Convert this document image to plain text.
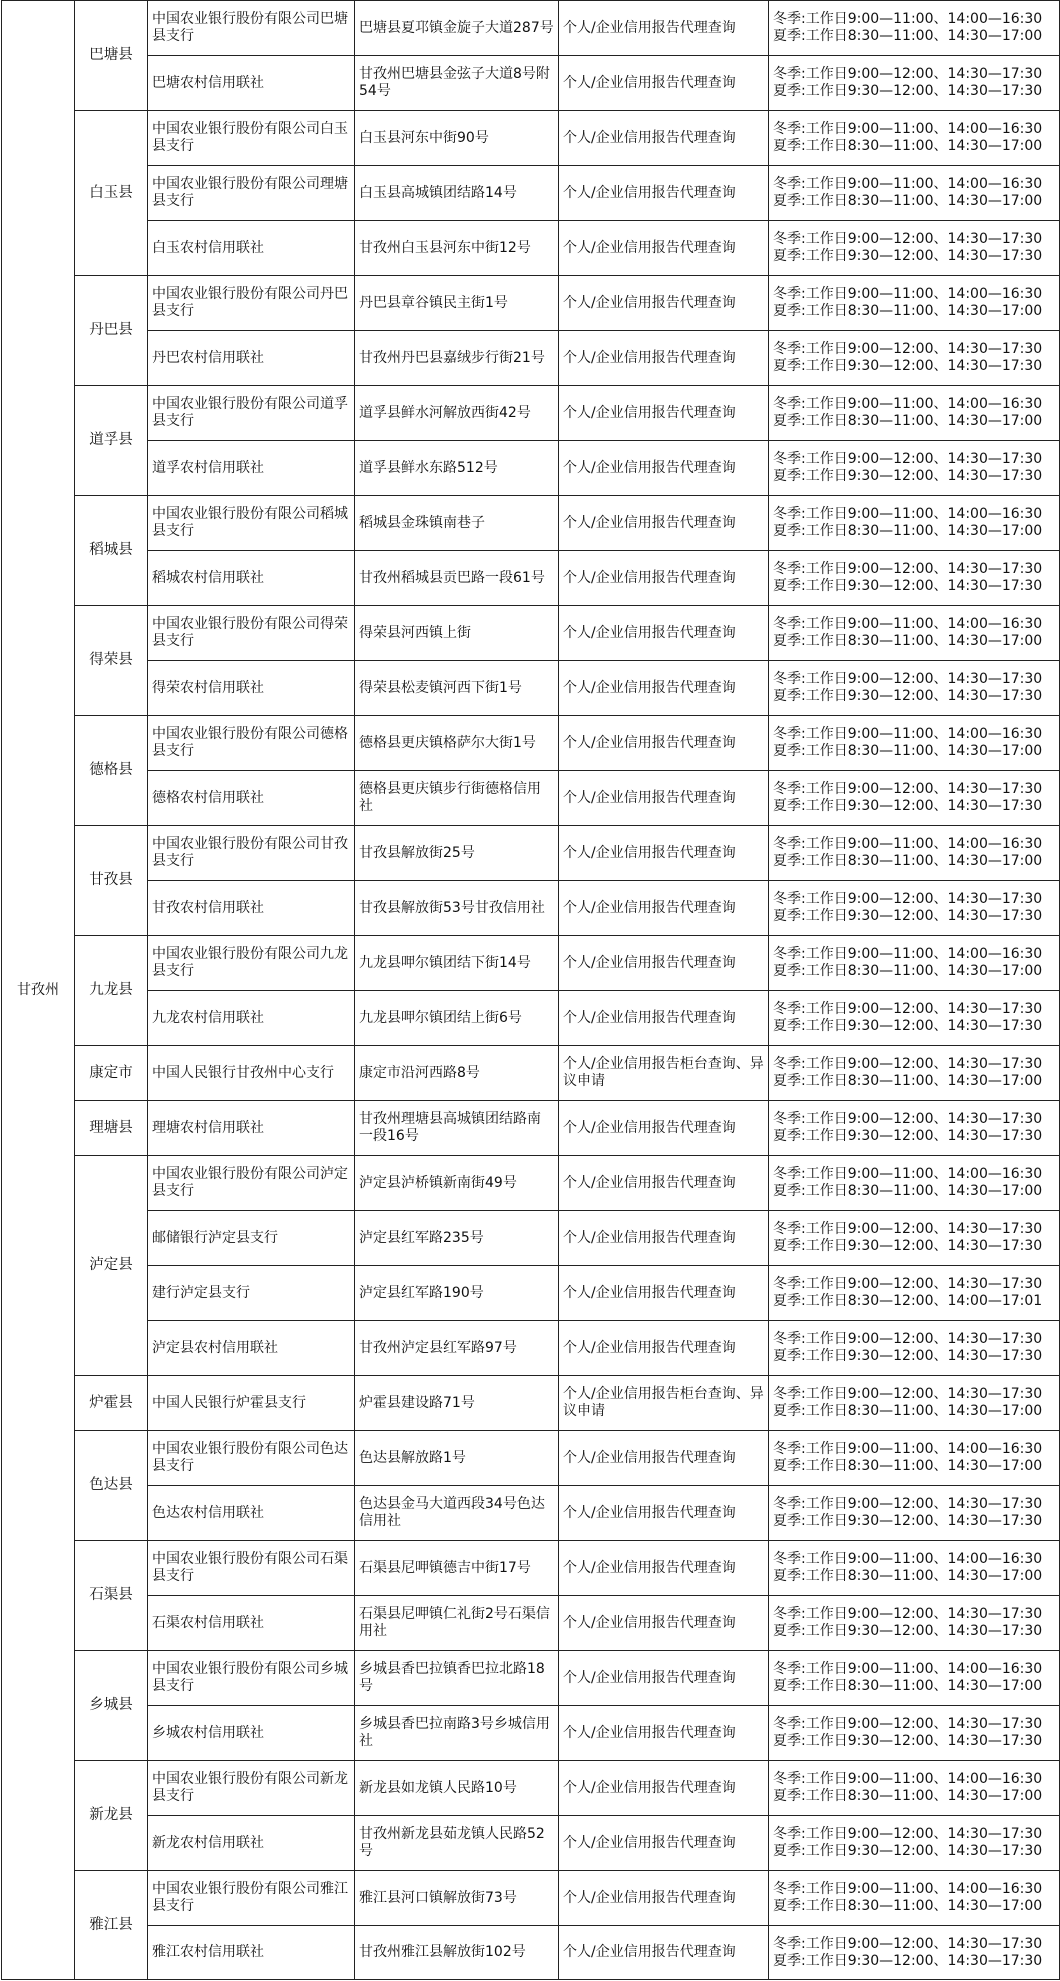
甘孜州	巴塘县	中国农业银行股份有限公司巴塘县支行	巴塘县夏邛镇金旋子大道287号	个人/企业信用报告代理查询	冬季:工作日9:00—11:00、14:00—16:30
夏季:工作日8:30—11:00、14:30—17:00

		巴塘农村信用联社	甘孜州巴塘县金弦子大道8号附54号	个人/企业信用报告代理查询	冬季:工作日9:00—12:00、14:30—17:30
夏季:工作日9:30—12:00、14:30—17:30

	白玉县	中国农业银行股份有限公司白玉县支行	白玉县河东中街90号	个人/企业信用报告代理查询	冬季:工作日9:00—11:00、14:00—16:30
夏季:工作日8:30—11:00、14:30—17:00

		中国农业银行股份有限公司理塘县支行	白玉县高城镇团结路14号	个人/企业信用报告代理查询	冬季:工作日9:00—11:00、14:00—16:30
夏季:工作日8:30—11:00、14:30—17:00

		白玉农村信用联社	甘孜州白玉县河东中街12号	个人/企业信用报告代理查询	冬季:工作日9:00—12:00、14:30—17:30
夏季:工作日9:30—12:00、14:30—17:30

	丹巴县	中国农业银行股份有限公司丹巴县支行	丹巴县章谷镇民主街1号	个人/企业信用报告代理查询	冬季:工作日9:00—11:00、14:00—16:30
夏季:工作日8:30—11:00、14:30—17:00

		丹巴农村信用联社	甘孜州丹巴县嘉绒步行街21号	个人/企业信用报告代理查询	冬季:工作日9:00—12:00、14:30—17:30
夏季:工作日9:30—12:00、14:30—17:30

	道孚县	中国农业银行股份有限公司道孚县支行	道孚县鲜水河解放西街42号	个人/企业信用报告代理查询	冬季:工作日9:00—11:00、14:00—16:30
夏季:工作日8:30—11:00、14:30—17:00

		道孚农村信用联社	道孚县鲜水东路512号	个人/企业信用报告代理查询	冬季:工作日9:00—12:00、14:30—17:30
夏季:工作日9:30—12:00、14:30—17:30

	稻城县	中国农业银行股份有限公司稻城县支行	稻城县金珠镇南巷子	个人/企业信用报告代理查询	冬季:工作日9:00—11:00、14:00—16:30
夏季:工作日8:30—11:00、14:30—17:00

		稻城农村信用联社	甘孜州稻城县贡巴路一段61号	个人/企业信用报告代理查询	冬季:工作日9:00—12:00、14:30—17:30
夏季:工作日9:30—12:00、14:30—17:30

	得荣县	中国农业银行股份有限公司得荣县支行	得荣县河西镇上街	个人/企业信用报告代理查询	冬季:工作日9:00—11:00、14:00—16:30
夏季:工作日8:30—11:00、14:30—17:00

		得荣农村信用联社	得荣县松麦镇河西下街1号	个人/企业信用报告代理查询	冬季:工作日9:00—12:00、14:30—17:30
夏季:工作日9:30—12:00、14:30—17:30

	德格县	中国农业银行股份有限公司德格县支行	德格县更庆镇格萨尔大街1号	个人/企业信用报告代理查询	冬季:工作日9:00—11:00、14:00—16:30
夏季:工作日8:30—11:00、14:30—17:00

		德格农村信用联社	德格县更庆镇步行街德格信用社	个人/企业信用报告代理查询	冬季:工作日9:00—12:00、14:30—17:30
夏季:工作日9:30—12:00、14:30—17:30

	甘孜县	中国农业银行股份有限公司甘孜县支行	甘孜县解放街25号	个人/企业信用报告代理查询	冬季:工作日9:00—11:00、14:00—16:30
夏季:工作日8:30—11:00、14:30—17:00

		甘孜农村信用联社	甘孜县解放街53号甘孜信用社	个人/企业信用报告代理查询	冬季:工作日9:00—12:00、14:30—17:30
夏季:工作日9:30—12:00、14:30—17:30

	九龙县	中国农业银行股份有限公司九龙县支行	九龙县呷尔镇团结下街14号	个人/企业信用报告代理查询	冬季:工作日9:00—11:00、14:00—16:30
夏季:工作日8:30—11:00、14:30—17:00

		九龙农村信用联社	九龙县呷尔镇团结上街6号	个人/企业信用报告代理查询	冬季:工作日9:00—12:00、14:30—17:30
夏季:工作日9:30—12:00、14:30—17:30

	康定市	中国人民银行甘孜州中心支行	康定市沿河西路8号	个人/企业信用报告柜台查询、异议申请	冬季:工作日9:00—12:00、14:30—17:30
夏季:工作日8:30—11:00、14:30—17:00

	理塘县	理塘农村信用联社	甘孜州理塘县高城镇团结路南一段16号	个人/企业信用报告代理查询	冬季:工作日9:00—12:00、14:30—17:30
夏季:工作日9:30—12:00、14:30—17:30

	泸定县	中国农业银行股份有限公司泸定县支行	泸定县泸桥镇新南街49号	个人/企业信用报告代理查询	冬季:工作日9:00—11:00、14:00—16:30
夏季:工作日8:30—11:00、14:30—17:00

		邮储银行泸定县支行	泸定县红军路235号	个人/企业信用报告代理查询	冬季:工作日9:00—12:00、14:30—17:30
夏季:工作日9:30—12:00、14:30—17:30

		建行泸定县支行	泸定县红军路190号	个人/企业信用报告代理查询	冬季:工作日9:00—12:00、14:30—17:30
夏季:工作日8:30—12:00、14:00—17:01

		泸定县农村信用联社	甘孜州泸定县红军路97号	个人/企业信用报告代理查询	冬季:工作日9:00—12:00、14:30—17:30
夏季:工作日9:30—12:00、14:30—17:30

	炉霍县	中国人民银行炉霍县支行	炉霍县建设路71号	个人/企业信用报告柜台查询、异议申请	冬季:工作日9:00—12:00、14:30—17:30
夏季:工作日8:30—11:00、14:30—17:00

	色达县	中国农业银行股份有限公司色达县支行	色达县解放路1号	个人/企业信用报告代理查询	冬季:工作日9:00—11:00、14:00—16:30
夏季:工作日8:30—11:00、14:30—17:00

		色达农村信用联社	色达县金马大道西段34号色达信用社	个人/企业信用报告代理查询	冬季:工作日9:00—12:00、14:30—17:30
夏季:工作日9:30—12:00、14:30—17:30

	石渠县	中国农业银行股份有限公司石渠县支行	石渠县尼呷镇德吉中街17号	个人/企业信用报告代理查询	冬季:工作日9:00—11:00、14:00—16:30
夏季:工作日8:30—11:00、14:30—17:00

		石渠农村信用联社	石渠县尼呷镇仁礼街2号石渠信用社	个人/企业信用报告代理查询	冬季:工作日9:00—12:00、14:30—17:30
夏季:工作日9:30—12:00、14:30—17:30

	乡城县	中国农业银行股份有限公司乡城县支行	乡城县香巴拉镇香巴拉北路18号	个人/企业信用报告代理查询	冬季:工作日9:00—11:00、14:00—16:30
夏季:工作日8:30—11:00、14:30—17:00

		乡城农村信用联社	乡城县香巴拉南路3号乡城信用社	个人/企业信用报告代理查询	冬季:工作日9:00—12:00、14:30—17:30
夏季:工作日9:30—12:00、14:30—17:30

	新龙县	中国农业银行股份有限公司新龙县支行	新龙县如龙镇人民路10号	个人/企业信用报告代理查询	冬季:工作日9:00—11:00、14:00—16:30
夏季:工作日8:30—11:00、14:30—17:00

		新龙农村信用联社	甘孜州新龙县茹龙镇人民路52号	个人/企业信用报告代理查询	冬季:工作日9:00—12:00、14:30—17:30
夏季:工作日9:30—12:00、14:30—17:30

	雅江县	中国农业银行股份有限公司雅江县支行	雅江县河口镇解放街73号	个人/企业信用报告代理查询	冬季:工作日9:00—11:00、14:00—16:30
夏季:工作日8:30—11:00、14:30—17:00

		雅江农村信用联社	甘孜州雅江县解放街102号	个人/企业信用报告代理查询	冬季:工作日9:00—12:00、14:30—17:30
夏季:工作日9:30—12:00、14:30—17:30
